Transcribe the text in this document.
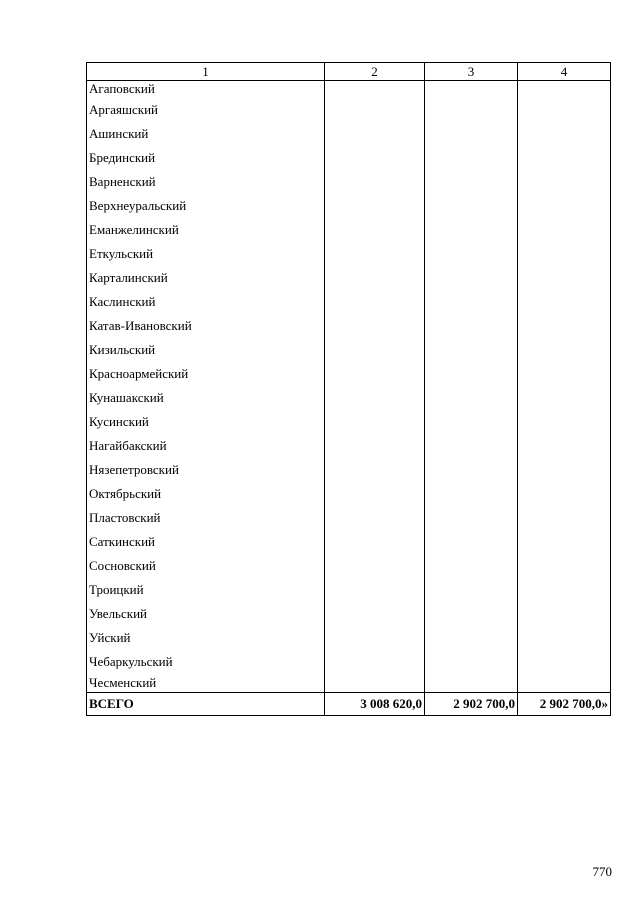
1	2	3	4
Агаповский			
Аргаяшский			
Ашинский			
Брединский			
Варненский			
Верхнеуральский			
Еманжелинский			
Еткульский			
Карталинский			
Каслинский			
Катав-Ивановский			
Кизильский			
Красноармейский			
Кунашакский			
Кусинский			
Нагайбакский			
Нязепетровский			
Октябрьский			
Пластовский			
Саткинский			
Сосновский			
Троицкий			
Увельский			
Уйский			
Чебаркульский			
Чесменский			
ВСЕГО	3 008 620,0	2 902 700,0	2 902 700,0»
770
